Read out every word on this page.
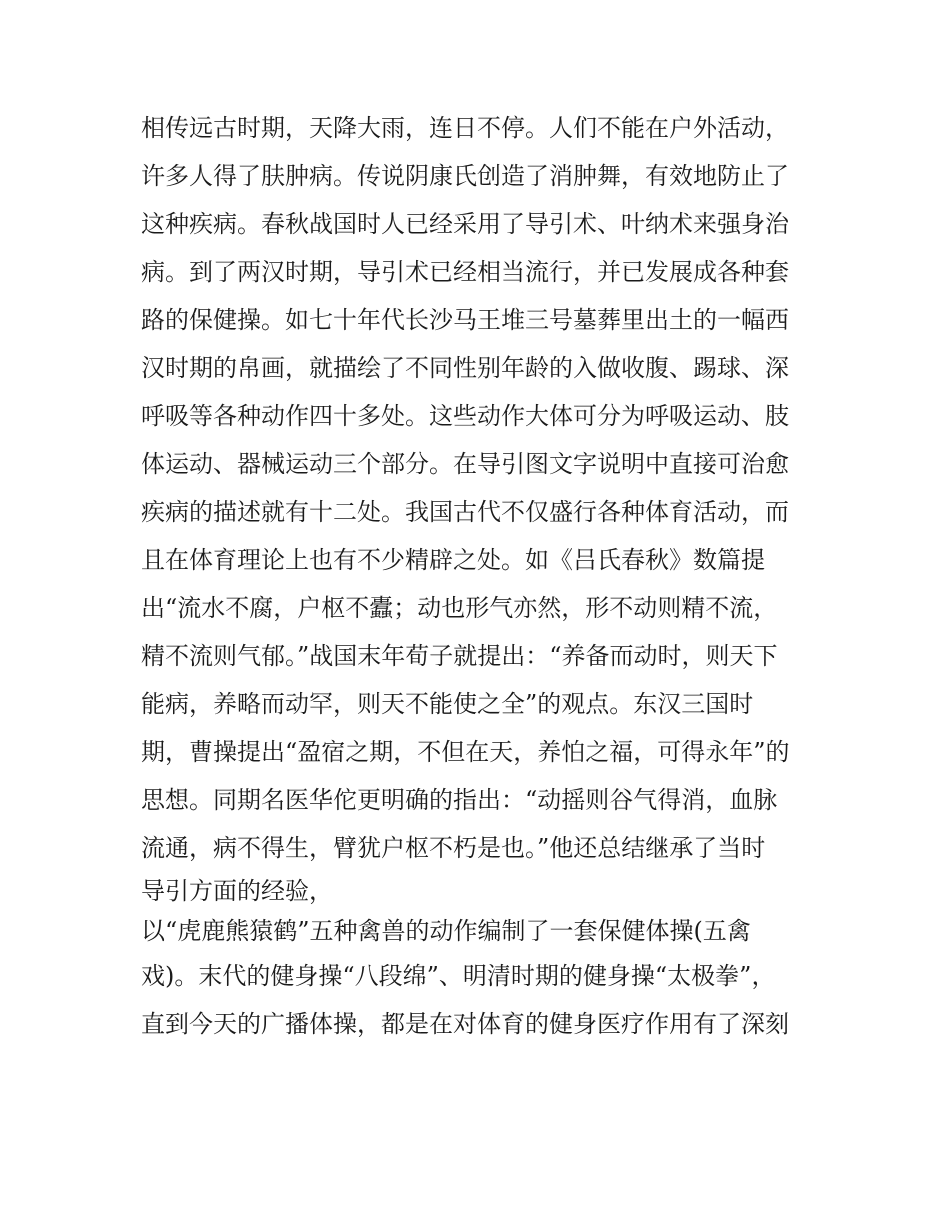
相传远古时期，天降大雨，连日不停。人们不能在户外活动，
许多人得了肤肿病。传说阴康氏创造了消肿舞，有效地防止了
这种疾病。春秋战国时人已经采用了导引术、叶纳术来强身治
病。到了两汉时期，导引术已经相当流行，并已发展成各种套
路的保健操。如七十年代长沙马王堆三号墓葬里出土的一幅西
汉时期的帛画，就描绘了不同性别年龄的入做收腹、踢球、深
呼吸等各种动作四十多处。这些动作大体可分为呼吸运动、肢
体运动、器械运动三个部分。在导引图文字说明中直接可治愈
疾病的描述就有十二处。我国古代不仅盛行各种体育活动，而
且在体育理论上也有不少精辟之处。如《吕氏春秋》数篇提
出“流水不腐，户枢不蠹；动也形气亦然，形不动则精不流，
精不流则气郁。”战国末年荀子就提出：“养备而动时，则天下
能病，养略而动罕，则天不能使之全”的观点。东汉三国时
期，曹操提出“盈宿之期，不但在天，养怕之福，可得永年”的
思想。同期名医华佗更明确的指出：“动摇则谷气得消，血脉
流通，病不得生，臂犹户枢不朽是也。”他还总结继承了当时
导引方面的经验，
以“虎鹿熊猿鹤”五种禽兽的动作编制了一套保健体操(五禽
戏)。末代的健身操“八段绵”、明清时期的健身操“太极拳”，
直到今天的广播体操，都是在对体育的健身医疗作用有了深刻
